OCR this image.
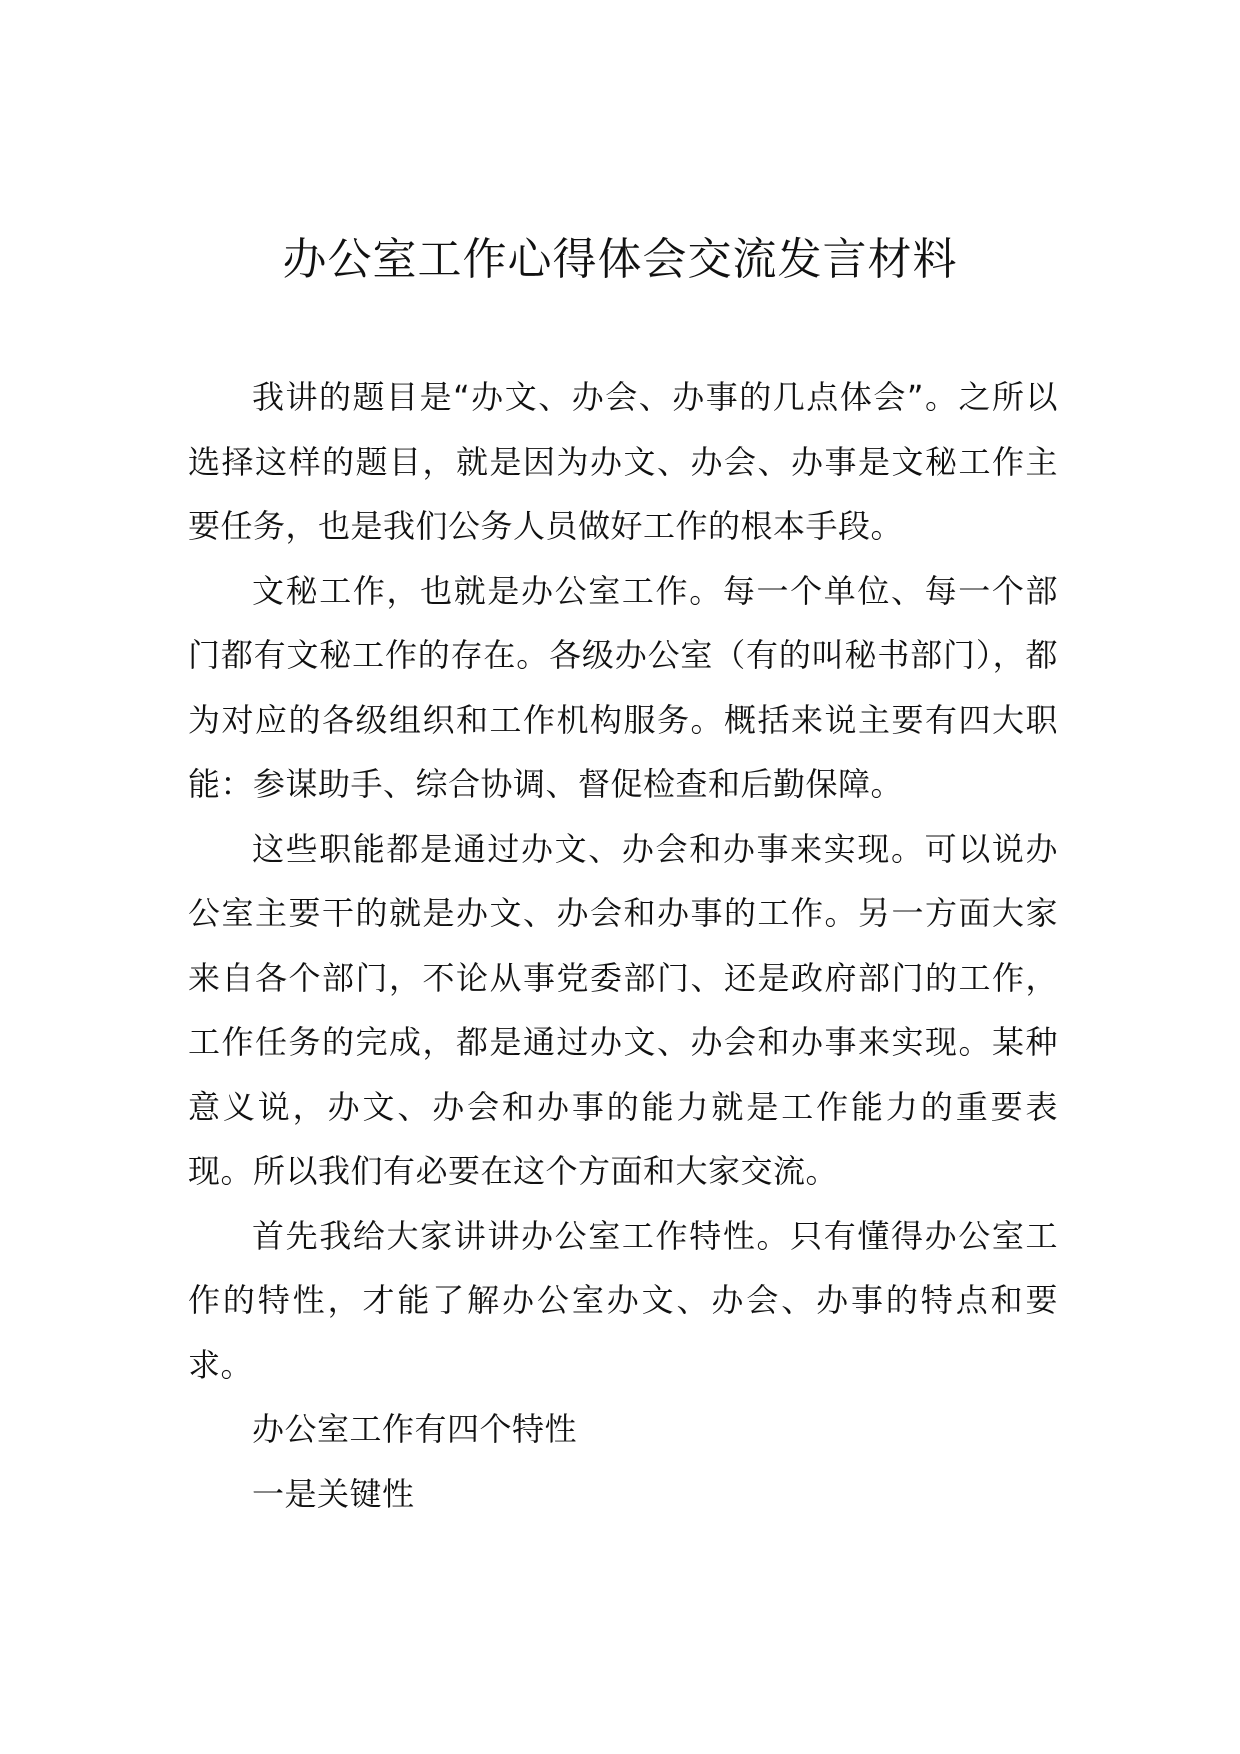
办公室工作心得体会交流发言材料

我讲的题目是“办文、办会、办事的几点体会”。之所以选择这样的题目，就是因为办文、办会、办事是文秘工作主要任务，也是我们公务人员做好工作的根本手段。

文秘工作，也就是办公室工作。每一个单位、每一个部门都有文秘工作的存在。各级办公室（有的叫秘书部门），都为对应的各级组织和工作机构服务。概括来说主要有四大职能：参谋助手、综合协调、督促检查和后勤保障。

这些职能都是通过办文、办会和办事来实现。可以说办公室主要干的就是办文、办会和办事的工作。另一方面大家来自各个部门，不论从事党委部门、还是政府部门的工作，工作任务的完成，都是通过办文、办会和办事来实现。某种意义说，办文、办会和办事的能力就是工作能力的重要表现。所以我们有必要在这个方面和大家交流。

首先我给大家讲讲办公室工作特性。只有懂得办公室工作的特性，才能了解办公室办文、办会、办事的特点和要求。

办公室工作有四个特性

一是关键性
